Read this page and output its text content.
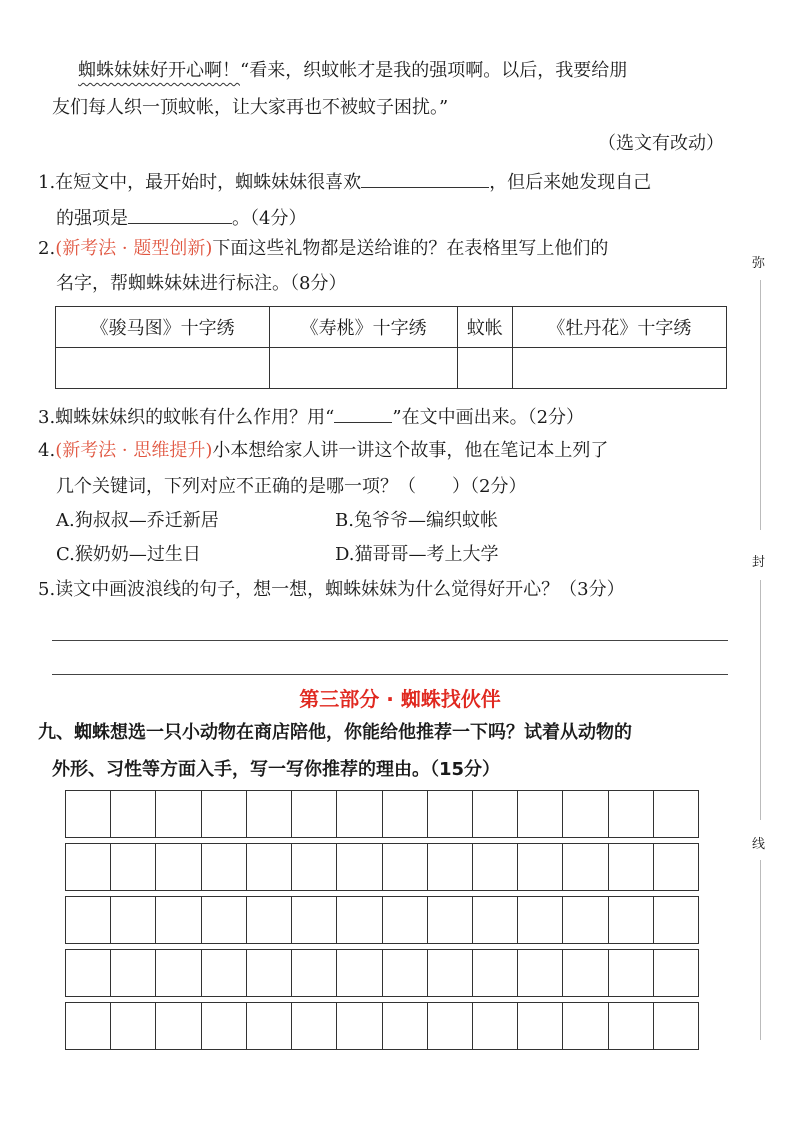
蜘蛛妹妹好开心啊！“看来，织蚊帐才是我的强项啊。以后，我要给朋

友们每人织一顶蚊帐，让大家再也不被蚊子困扰。”

（选文有改动）

1.在短文中，最开始时，蜘蛛妹妹很喜欢	，但后来她发现自己

的强项是	。（4分）

2.(新考法 · 题型创新)下面这些礼物都是送给谁的？在表格里写上他们的

名字，帮蜘蛛妹妹进行标注。（8分）

《骏马图》十字绣	《寿桃》十字绣	蚊帐	《牡丹花》十字绣

3.蜘蛛妹妹织的蚊帐有什么作用？用“	”在文中画出来。（2分）

4.(新考法 · 思维提升)小本想给家人讲一讲这个故事，他在笔记本上列了

几个关键词，下列对应不正确的是哪一项？（　　）（2分）

A.狗叔叔—乔迁新居	B.兔爷爷—编织蚊帐

C.猴奶奶—过生日	D.猫哥哥—考上大学

5.读文中画波浪线的句子，想一想，蜘蛛妹妹为什么觉得好开心？（3分）

第三部分 · 蜘蛛找伙伴

九、蜘蛛想选一只小动物在商店陪他，你能给他推荐一下吗？试着从动物的

外形、习性等方面入手，写一写你推荐的理由。（15分）

弥
封
线
